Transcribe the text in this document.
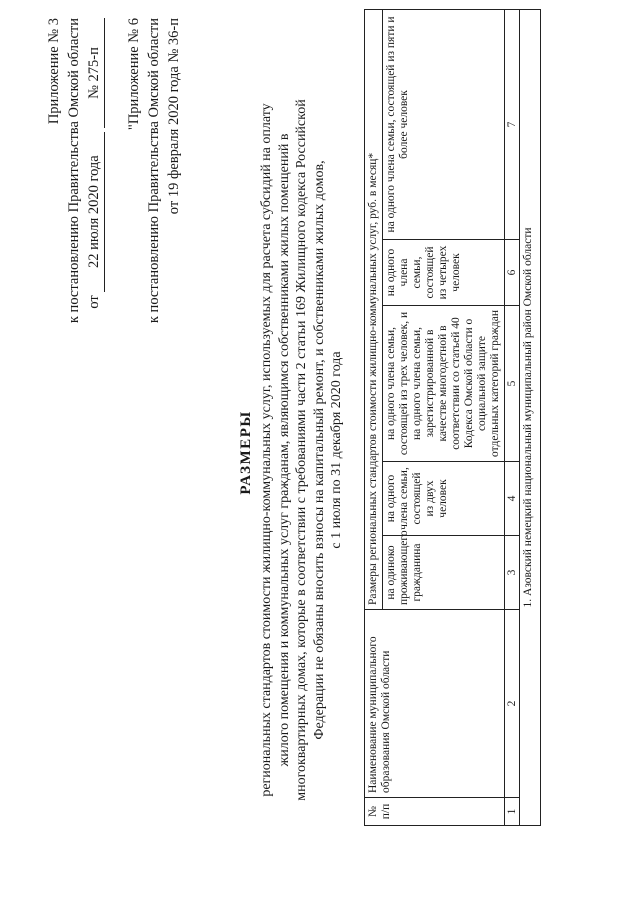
Приложение № 3 к постановлению Правительства Омской области от 22 июля 2020 года № 275-п "Приложение № 6 к постановлению Правительства Омской области от 19 февраля 2020 года № 36-п
РАЗМЕРЫ региональных стандартов стоимости жилищно-коммунальных услуг, используемых для расчета субсидий на оплату жилого помещения и коммунальных услуг гражданам, являющимся собственниками жилых помещений в многоквартирных домах, которые в соответствии с требованиями части 2 статьи 169 Жилищного кодекса Российской Федерации не обязаны вносить взносы на капитальный ремонт, и собственниками жилых домов, с 1 июля по 31 декабря 2020 года
№ п/п	Наименование муниципального образования Омской области	Размеры региональных стандартов стоимости жилищно-коммунальных услуг, руб. в месяц*				
		на одиноко проживающего гражданина	на одного члена семьи, состоящей из двух человек	на одного члена семьи, состоящей из трех человек, и на одного члена семьи, зарегистрированной в качестве многодетной в соответствии со статьей 40 Кодекса Омской области о социальной защите отдельных категорий граждан	на одного члена семьи, состоящей из четырех человек	на одного члена семьи, состоящей из пяти и более человек
1	2	3	4	5	6	7
1. Азовский немецкий национальный муниципальный район Омской области						
